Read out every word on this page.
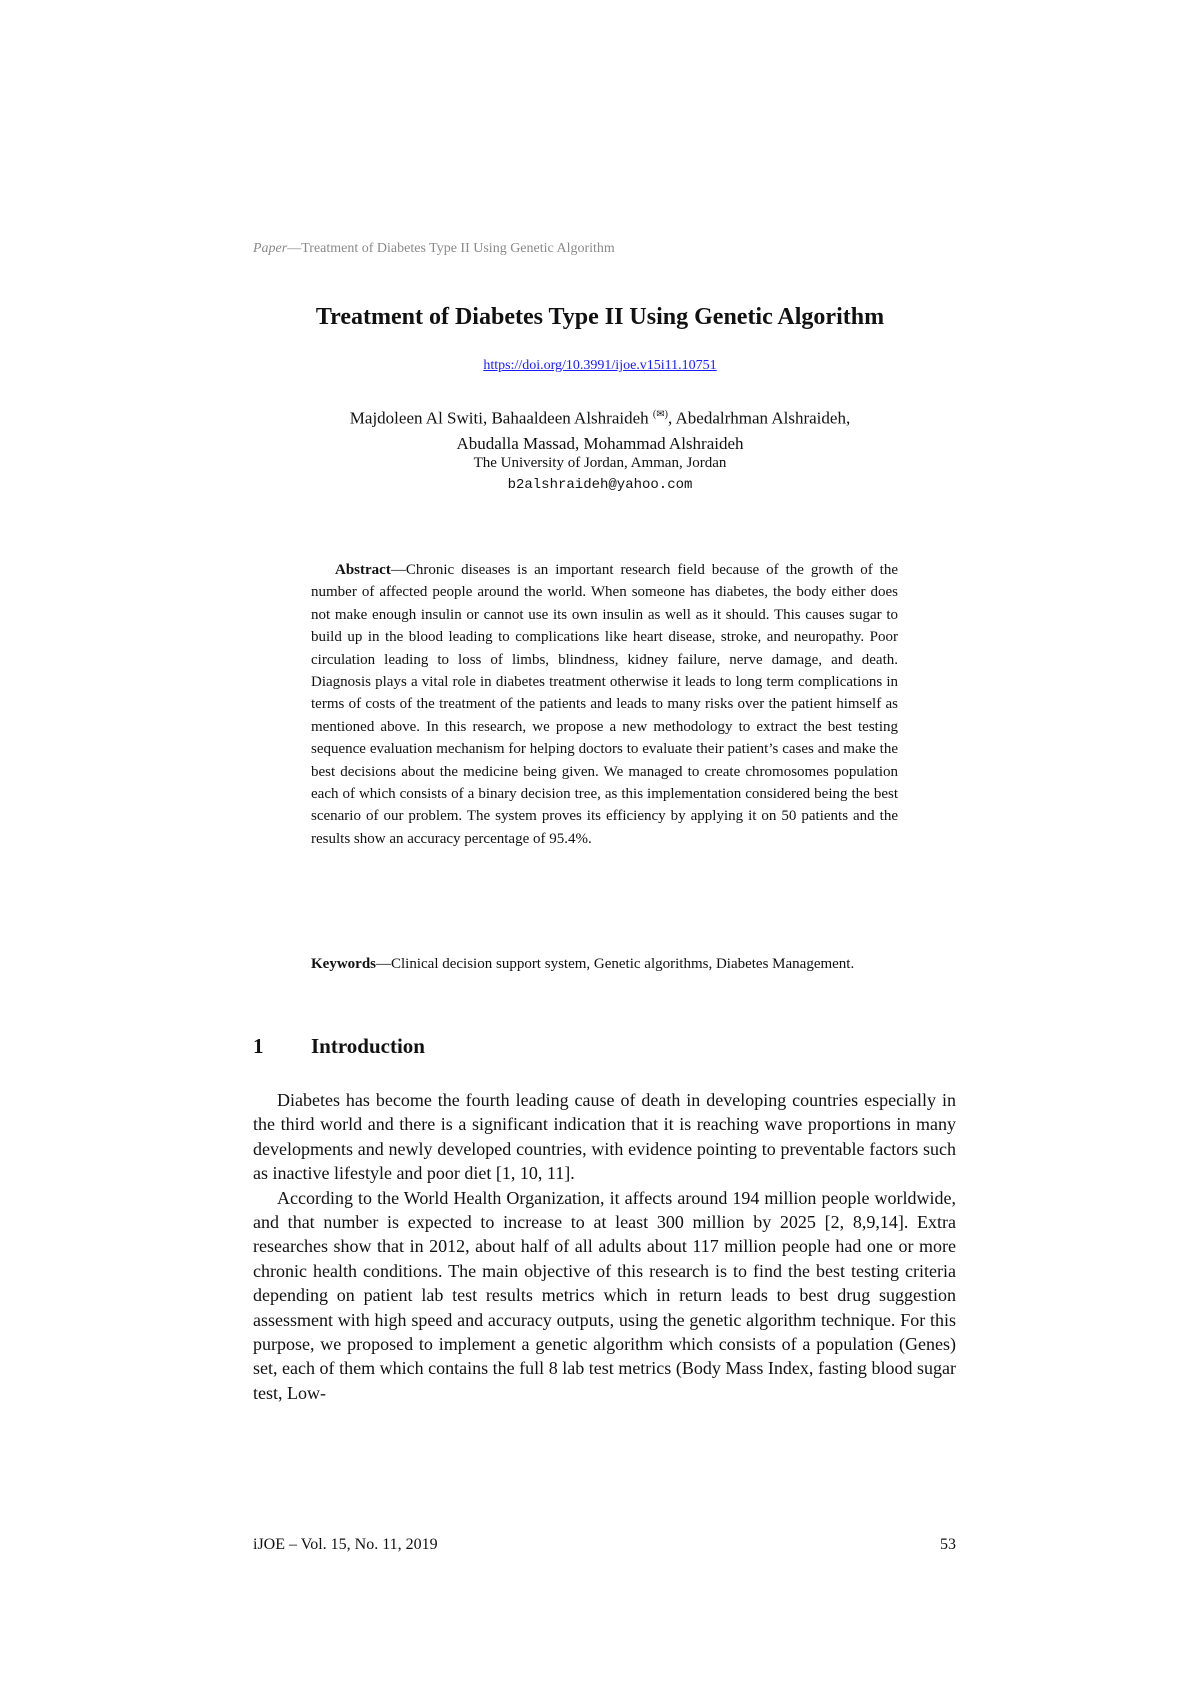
Paper—Treatment of Diabetes Type II Using Genetic Algorithm
Treatment of Diabetes Type II Using Genetic Algorithm
https://doi.org/10.3991/ijoe.v15i11.10751
Majdoleen Al Switi, Bahaaldeen Alshraideh (✉), Abedalrhman Alshraideh,
Abudalla Massad, Mohammad Alshraideh
The University of Jordan, Amman, Jordan
b2alshraideh@yahoo.com

Abstract—Chronic diseases is an important research field because of the growth of the number of affected people around the world. When someone has diabetes, the body either does not make enough insulin or cannot use its own insulin as well as it should. This causes sugar to build up in the blood leading to complications like heart disease, stroke, and neuropathy. Poor circulation leading to loss of limbs, blindness, kidney failure, nerve damage, and death. Diagnosis plays a vital role in diabetes treatment otherwise it leads to long term complications in terms of costs of the treatment of the patients and leads to many risks over the patient himself as mentioned above. In this research, we propose a new methodology to extract the best testing sequence evaluation mechanism for helping doctors to evaluate their patient’s cases and make the best decisions about the medicine being given. We managed to create chromosomes population each of which consists of a binary decision tree, as this implementation considered being the best scenario of our problem. The system proves its efficiency by applying it on 50 patients and the results show an accuracy percentage of 95.4%.

Keywords—Clinical decision support system, Genetic algorithms, Diabetes Management.

1 Introduction

Diabetes has become the fourth leading cause of death in developing countries especially in the third world and there is a significant indication that it is reaching wave proportions in many developments and newly developed countries, with evidence pointing to preventable factors such as inactive lifestyle and poor diet [1, 10, 11].

According to the World Health Organization, it affects around 194 million people worldwide, and that number is expected to increase to at least 300 million by 2025 [2, 8,9,14]. Extra researches show that in 2012, about half of all adults about 117 million people had one or more chronic health conditions. The main objective of this research is to find the best testing criteria depending on patient lab test results metrics which in return leads to best drug suggestion assessment with high speed and accuracy outputs, using the genetic algorithm technique. For this purpose, we proposed to implement a genetic algorithm which consists of a population (Genes) set, each of them which contains the full 8 lab test metrics (Body Mass Index, fasting blood sugar test, Low-

iJOE ‒ Vol. 15, No. 11, 2019	53
